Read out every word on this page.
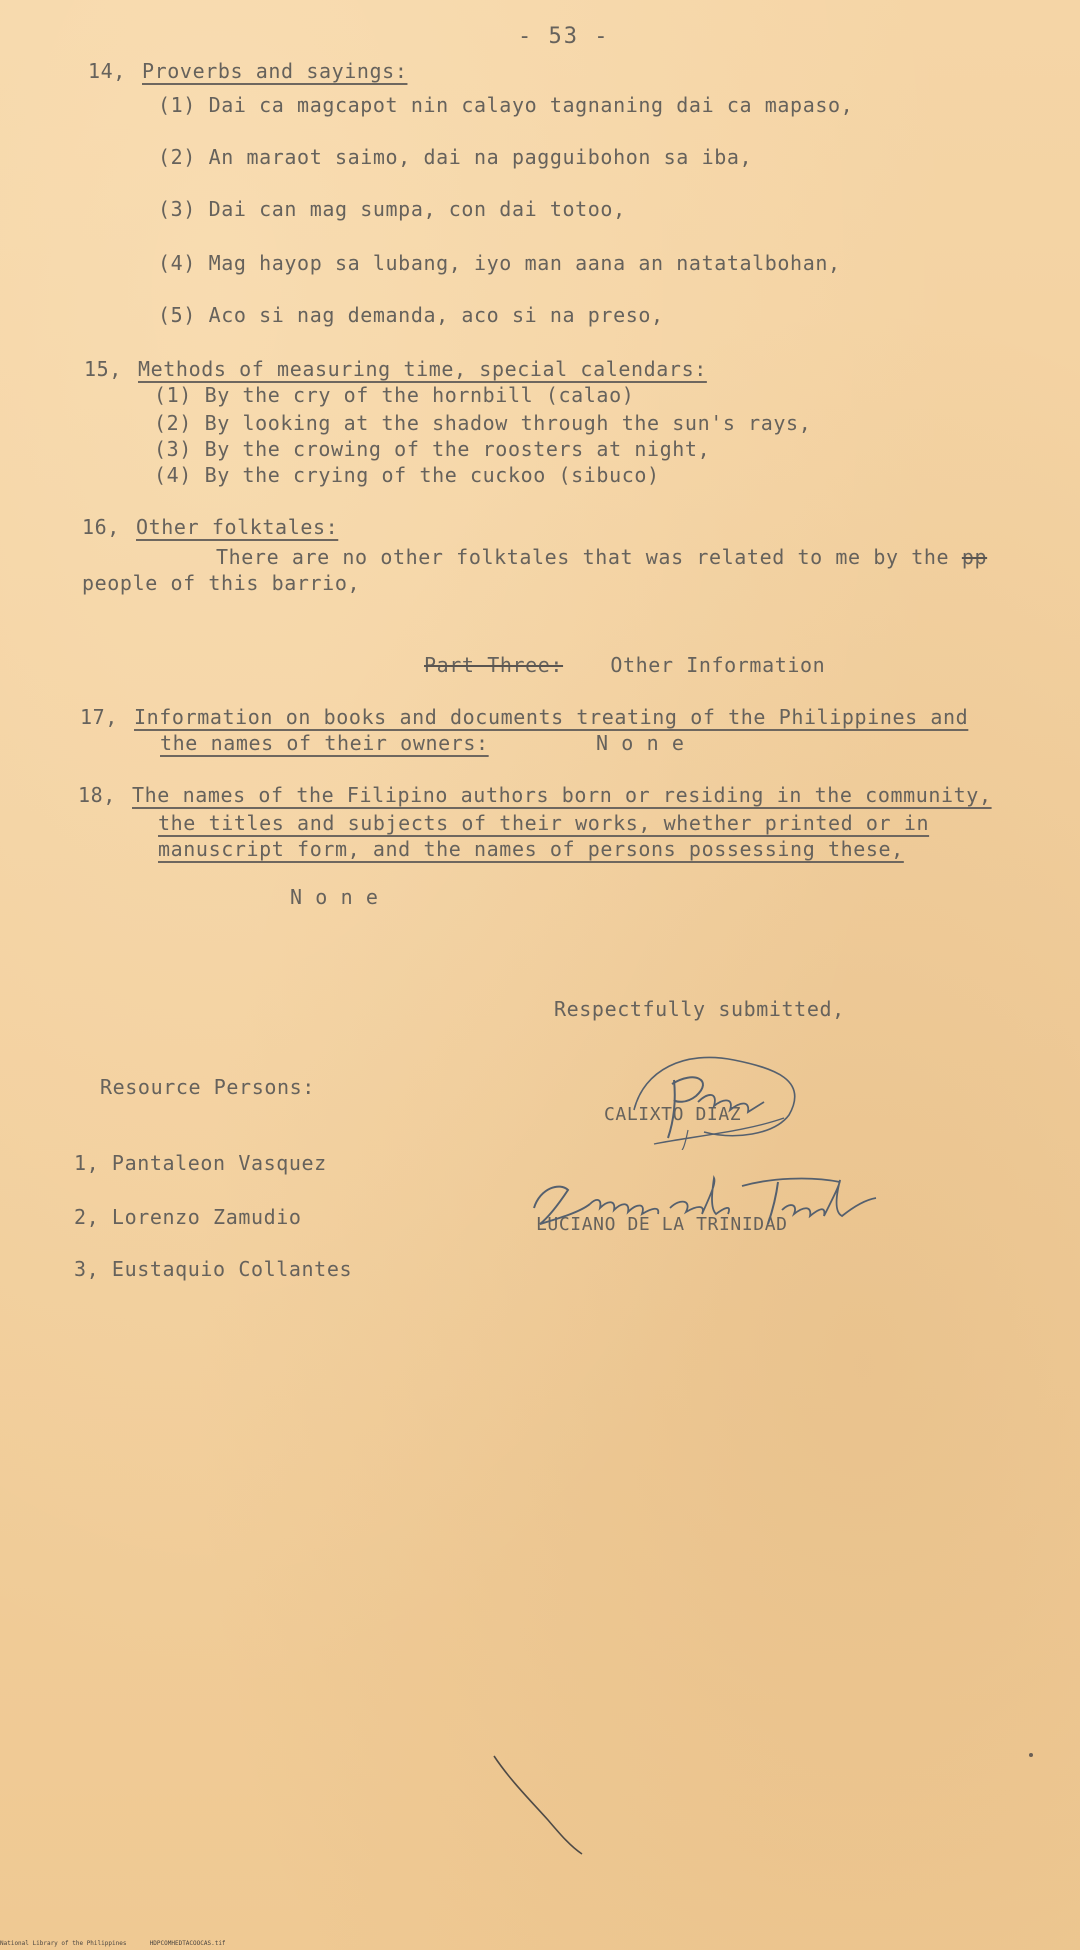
- 53 -
14, Proverbs and sayings:
(1) Dai ca magcapot nin calayo tagnaning dai ca mapaso,
(2) An maraot saimo, dai na pagguibohon sa iba,
(3) Dai can mag sumpa, con dai totoo,
(4) Mag hayop sa lubang, iyo man aana an natatalbohan,
(5) Aco si nag demanda, aco si na preso,
15, Methods of measuring time, special calendars:
(1) By the cry of the hornbill (calao)
(2) By looking at the shadow through the sun's rays,
(3) By the crowing of the roosters at night,
(4) By the crying of the cuckoo (sibuco)
16, Other folktales:
There are no other folktales that was related to me by the pp
people of this barrio,
Part Three: Other Information
17, Information on books and documents treating of the Philippines and
the names of their owners:	N o n e
18, The names of the Filipino authors born or residing in the community,
the titles and subjects of their works, whether printed or in
manuscript form, and the names of persons possessing these,
N o n e
Respectfully submitted,
Resource Persons:
CALIXTO DIAZ
1, Pantaleon Vasquez
2, Lorenzo Zamudio
3, Eustaquio Collantes
LUCIANO DE LA TRINIDAD
National Library of the Philippines	HDPCOMHEDTACOOCAS.tif
